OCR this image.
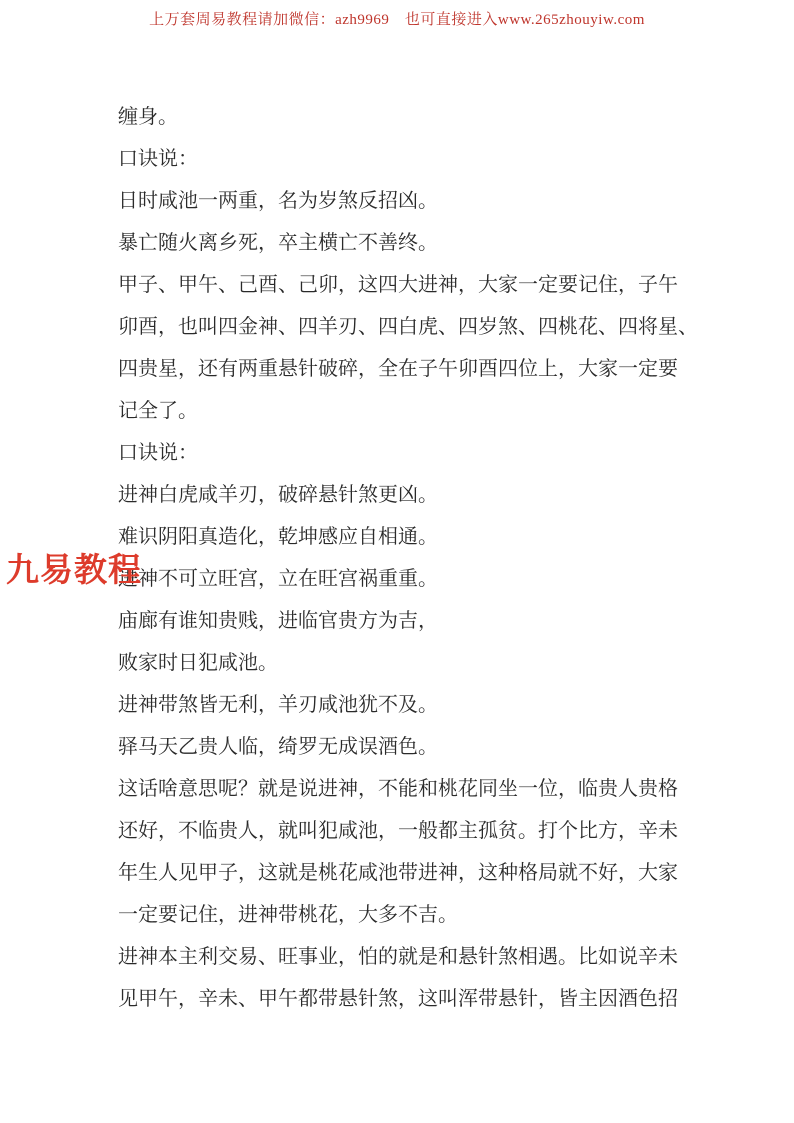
上万套周易教程请加微信：azh9969　也可直接进入www.265zhouyiw.com
九易教程
缠身。
口诀说：
日时咸池一两重，名为岁煞反招凶。
暴亡随火离乡死，卒主横亡不善终。
甲子、甲午、己酉、己卯，这四大进神，大家一定要记住，子午
卯酉，也叫四金神、四羊刃、四白虎、四岁煞、四桃花、四将星、
四贵星，还有两重悬针破碎，全在子午卯酉四位上，大家一定要
记全了。
口诀说：
进神白虎咸羊刃，破碎悬针煞更凶。
难识阴阳真造化，乾坤感应自相通。
进神不可立旺宫，立在旺宫祸重重。
庙廊有谁知贵贱，进临官贵方为吉，
败家时日犯咸池。
进神带煞皆无利，羊刃咸池犹不及。
驿马天乙贵人临，绮罗无成误酒色。
这话啥意思呢？就是说进神，不能和桃花同坐一位，临贵人贵格
还好，不临贵人，就叫犯咸池，一般都主孤贫。打个比方，辛未
年生人见甲子，这就是桃花咸池带进神，这种格局就不好，大家
一定要记住，进神带桃花，大多不吉。
进神本主利交易、旺事业，怕的就是和悬针煞相遇。比如说辛未
见甲午，辛未、甲午都带悬针煞，这叫浑带悬针，皆主因酒色招
